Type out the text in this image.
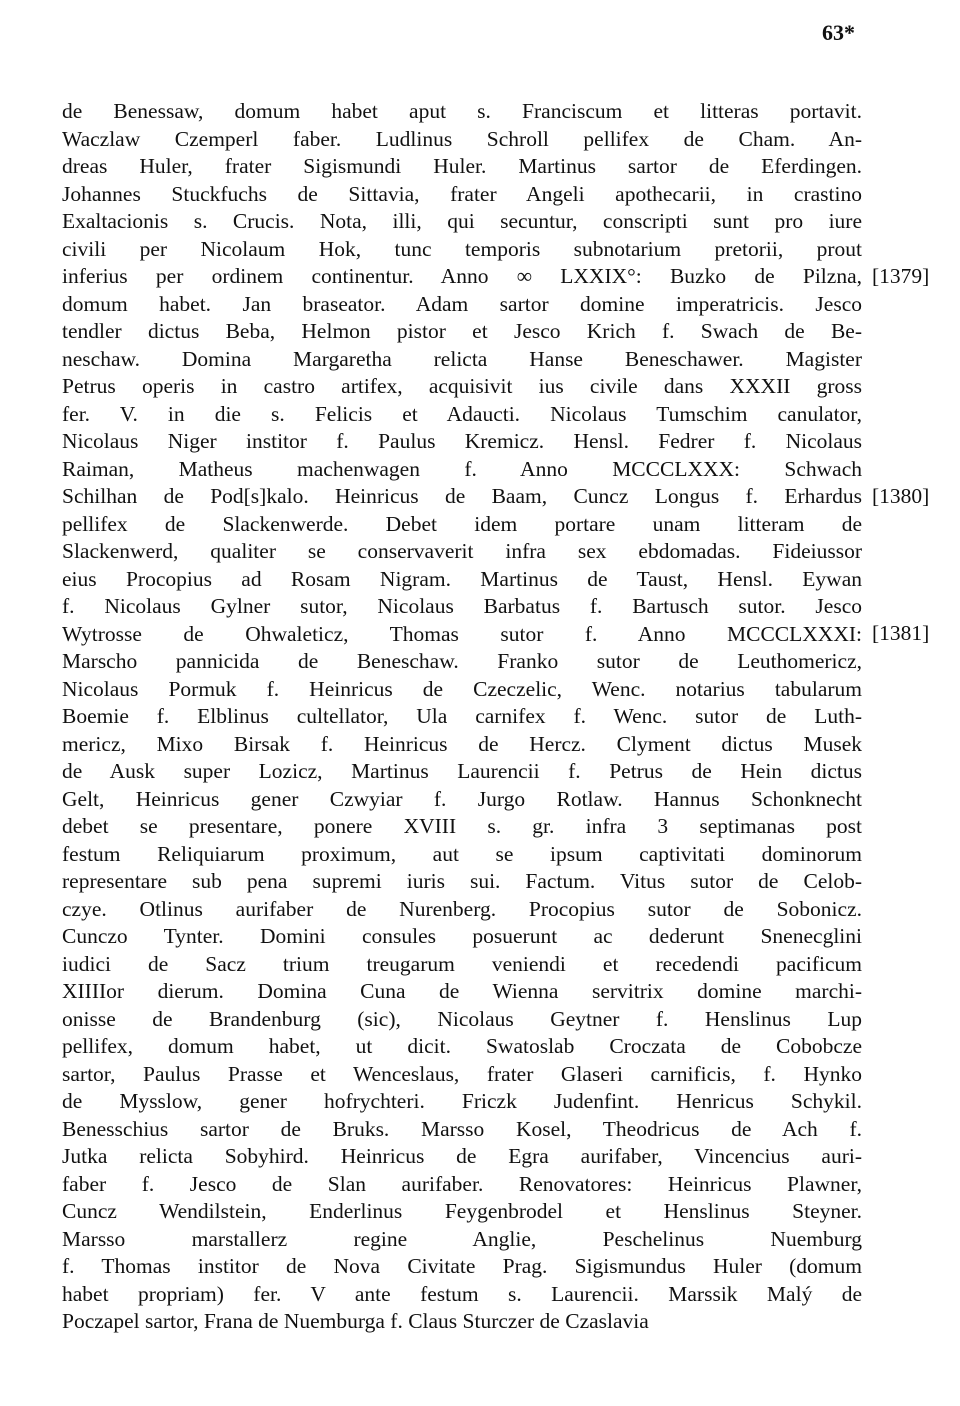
63*
de Benessaw, domum habet aput s. Franciscum et litteras portavit.
Waczlaw Czemperl faber. Ludlinus Schroll pellifex de Cham. An-
dreas Huler, frater Sigismundi Huler. Martinus sartor de Eferdingen.
Johannes Stuckfuchs de Sittavia, frater Angeli apothecarii, in crastino
Exaltacionis s. Crucis. Nota, illi, qui secuntur, conscripti sunt pro iure
civili per Nicolaum Hok, tunc temporis subnotarium pretorii, prout
inferius per ordinem continentur. Anno ∞ LXXIX°: Buzko de Pilzna,
domum habet. Jan braseator. Adam sartor domine imperatricis. Jesco
tendler dictus Beba, Helmon pistor et Jesco Krich f. Swach de Be-
neschaw. Domina Margaretha relicta Hanse Beneschawer. Magister
Petrus operis in castro artifex, acquisivit ius civile dans XXXII gross
fer. V. in die s. Felicis et Adaucti. Nicolaus Tumschim canulator,
Nicolaus Niger institor f. Paulus Kremicz. Hensl. Fedrer f. Nicolaus
Raiman, Matheus machenwagen f. Anno MCCCLXXX: Schwach
Schilhan de Pod[s]kalo. Heinricus de Baam, Cuncz Longus f. Erhardus
pellifex de Slackenwerde. Debet idem portare unam litteram de
Slackenwerd, qualiter se conservaverit infra sex ebdomadas. Fideiussor
eius Procopius ad Rosam Nigram. Martinus de Taust, Hensl. Eywan
f. Nicolaus Gylner sutor, Nicolaus Barbatus f. Bartusch sutor. Jesco
Wytrosse de Ohwaleticz, Thomas sutor f. Anno MCCCLXXXI:
Marscho pannicida de Beneschaw. Franko sutor de Leuthomericz,
Nicolaus Pormuk f. Heinricus de Czeczelic, Wenc. notarius tabularum
Boemie f. Elblinus cultellator, Ula carnifex f. Wenc. sutor de Luth-
mericz, Mixo Birsak f. Heinricus de Hercz. Clyment dictus Musek
de Ausk super Lozicz, Martinus Laurencii f. Petrus de Hein dictus
Gelt, Heinricus gener Czwyiar f. Jurgo Rotlaw. Hannus Schonknecht
debet se presentare, ponere XVIII s. gr. infra 3 septimanas post
festum Reliquiarum proximum, aut se ipsum captivitati dominorum
representare sub pena supremi iuris sui. Factum. Vitus sutor de Celob-
czye. Otlinus aurifaber de Nurenberg. Procopius sutor de Sobonicz.
Cunczo Tynter. Domini consules posuerunt ac dederunt Snenecglini
iudici de Sacz trium treugarum veniendi et recedendi pacificum
XIIIIor dierum. Domina Cuna de Wienna servitrix domine marchi-
onisse de Brandenburg (sic), Nicolaus Geytner f. Henslinus Lup
pellifex, domum habet, ut dicit. Swatoslab Croczata de Cobobcze
sartor, Paulus Prasse et Wenceslaus, frater Glaseri carnificis, f. Hynko
de Mysslow, gener hofrychteri. Friczk Judenfint. Henricus Schykil.
Benesschius sartor de Bruks. Marsso Kosel, Theodricus de Ach f.
Jutka relicta Sobyhird. Heinricus de Egra aurifaber, Vincencius auri-
faber f. Jesco de Slan aurifaber. Renovatores: Heinricus Plawner,
Cuncz Wendilstein, Enderlinus Feygenbrodel et Henslinus Steyner.
Marsso marstallerz regine Anglie, Peschelinus Nuemburg
f. Thomas institor de Nova Civitate Prag. Sigismundus Huler (domum
habet propriam) fer. V ante festum s. Laurencii. Marssik Malý de
Poczapel sartor, Frana de Nuemburga f. Claus Sturczer de Czaslavia
[1379]
[1380]
[1381]
